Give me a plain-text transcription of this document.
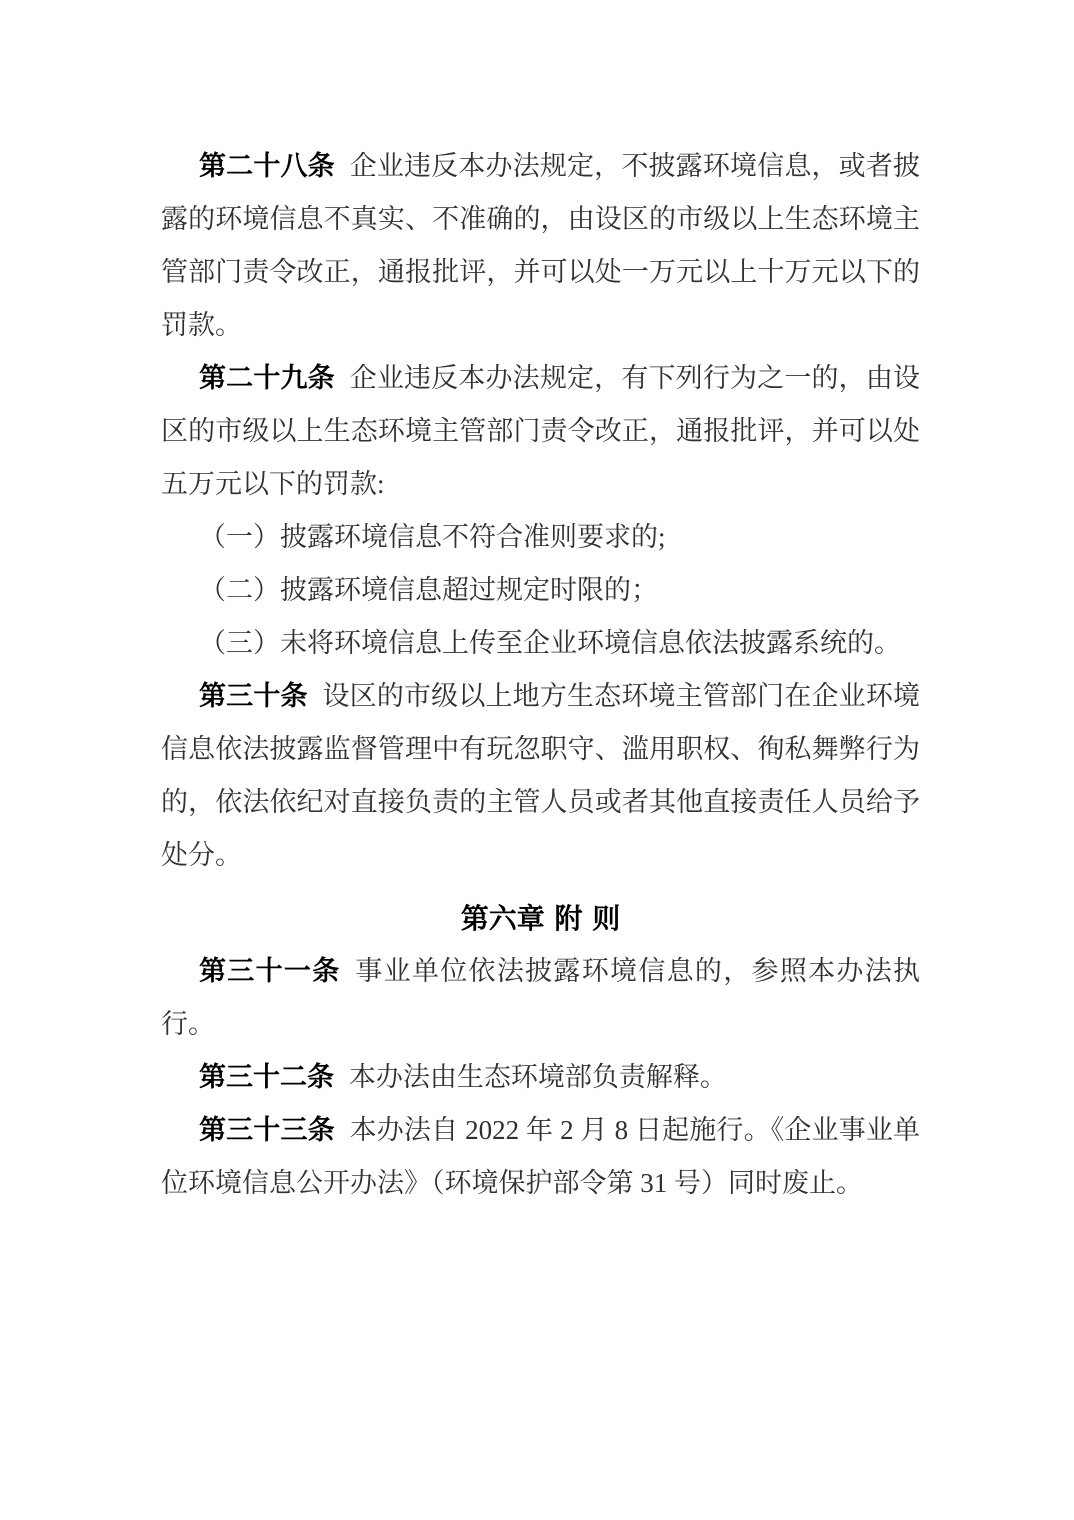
第二十八条 企业违反本办法规定，不披露环境信息，或者披露的环境信息不真实、不准确的，由设区的市级以上生态环境主管部门责令改正，通报批评，并可以处一万元以上十万元以下的罚款。

第二十九条 企业违反本办法规定，有下列行为之一的，由设区的市级以上生态环境主管部门责令改正，通报批评，并可以处五万元以下的罚款:

（一）披露环境信息不符合准则要求的;

（二）披露环境信息超过规定时限的；

（三）未将环境信息上传至企业环境信息依法披露系统的。

第三十条 设区的市级以上地方生态环境主管部门在企业环境信息依法披露监督管理中有玩忽职守、滥用职权、徇私舞弊行为的，依法依纪对直接负责的主管人员或者其他直接责任人员给予处分。

第六章 附 则

第三十一条 事业单位依法披露环境信息的，参照本办法执行。

第三十二条 本办法由生态环境部负责解释。

第三十三条 本办法自 2022 年 2 月 8 日起施行。《企业事业单位环境信息公开办法》（环境保护部令第 31 号）同时废止。
